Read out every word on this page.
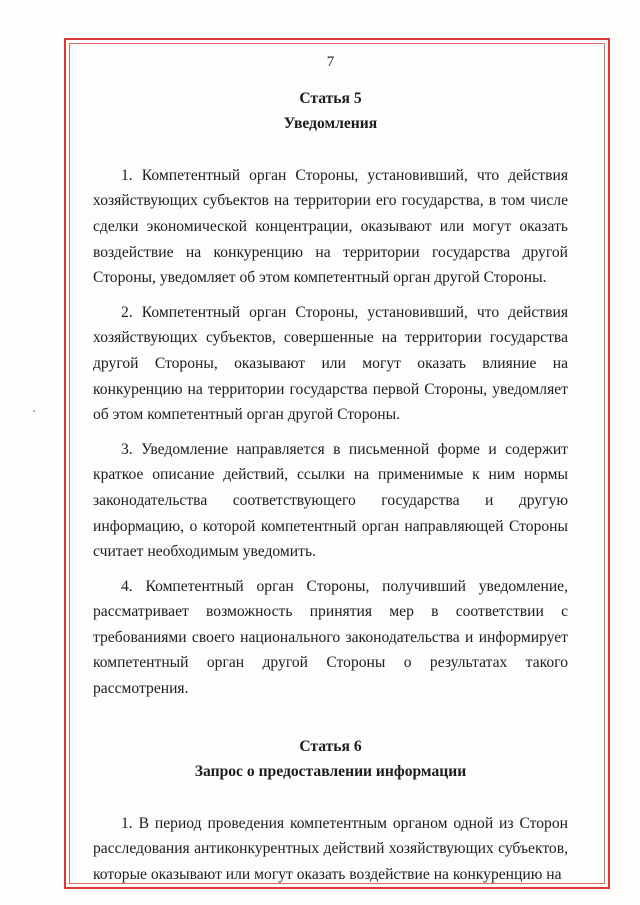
7
Статья 5
Уведомления

1. Компетентный орган Стороны, установивший, что действия хозяйствующих субъектов на территории его государства, в том числе сделки экономической концентрации, оказывают или могут оказать воздействие на конкуренцию на территории государства другой Стороны, уведомляет об этом компетентный орган другой Стороны.

2. Компетентный орган Стороны, установивший, что действия хозяйствующих субъектов, совершенные на территории государства другой Стороны, оказывают или могут оказать влияние на конкуренцию на территории государства первой Стороны, уведомляет об этом компетентный орган другой Стороны.

3. Уведомление направляется в письменной форме и содержит краткое описание действий, ссылки на применимые к ним нормы законодательства соответствующего государства и другую информацию, о которой компетентный орган направляющей Стороны считает необходимым уведомить.

4. Компетентный орган Стороны, получивший уведомление, рассматривает возможность принятия мер в соответствии с требованиями своего национального законодательства и информирует компетентный орган другой Стороны о результатах такого рассмотрения.

Статья 6
Запрос о предоставлении информации

1. В период проведения компетентным органом одной из Сторон расследования антиконкурентных действий хозяйствующих субъектов, которые оказывают или могут оказать воздействие на конкуренцию на
